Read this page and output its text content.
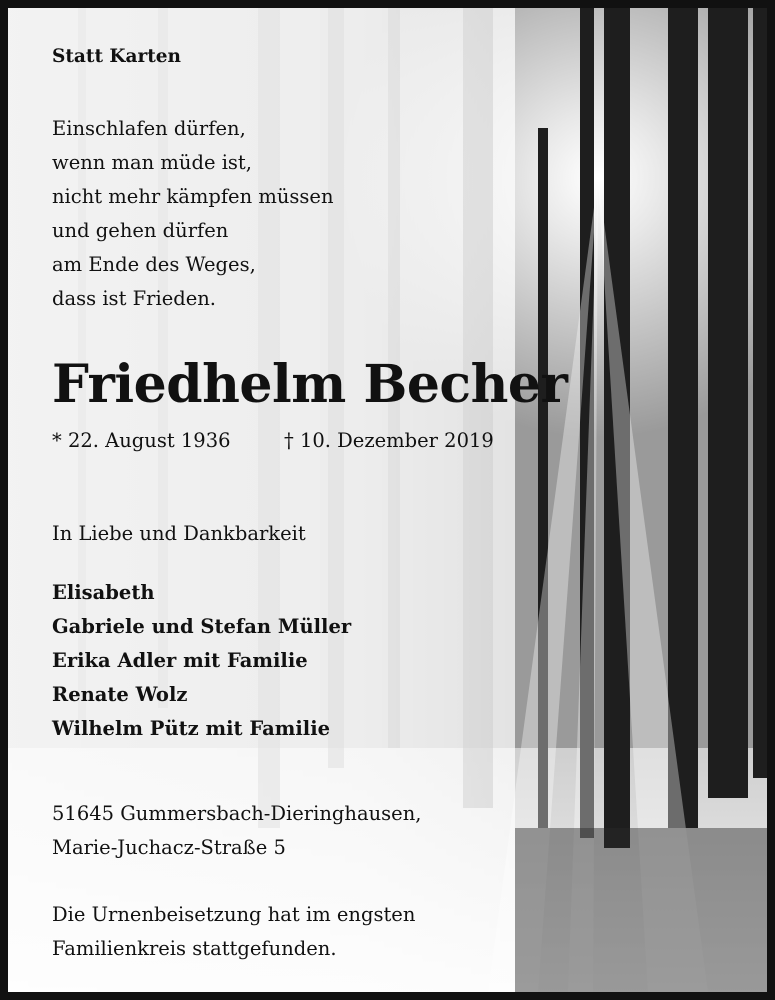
Statt Karten
Einschlafen dürfen,
wenn man müde ist,
nicht mehr kämpfen müssen
und gehen dürfen
am Ende des Weges,
dass ist Frieden.
Friedhelm Becher
* 22. August 1936	† 10. Dezember 2019
In Liebe und Dankbarkeit
Elisabeth
Gabriele und Stefan Müller
Erika Adler mit Familie
Renate Wolz
Wilhelm Pütz mit Familie
51645 Gummersbach-Dieringhausen,
Marie-Juchacz-Straße 5
Die Urnenbeisetzung hat im engsten
Familienkreis stattgefunden.
